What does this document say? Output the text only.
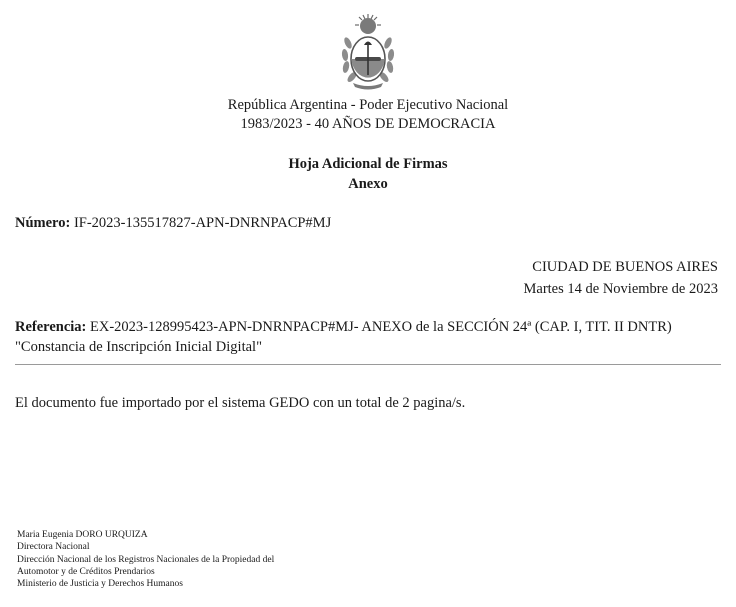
República Argentina - Poder Ejecutivo Nacional
1983/2023 - 40 AÑOS DE DEMOCRACIA
Hoja Adicional de Firmas
Anexo
Número: IF-2023-135517827-APN-DNRNPACP#MJ
CIUDAD DE BUENOS AIRES
Martes 14 de Noviembre de 2023
Referencia: EX-2023-128995423-APN-DNRNPACP#MJ- ANEXO de la SECCIÓN 24ª (CAP. I, TIT. II DNTR)
"Constancia de Inscripción Inicial Digital"
El documento fue importado por el sistema GEDO con un total de 2 pagina/s.
Maria Eugenia DORO URQUIZA
Directora Nacional
Dirección Nacional de los Registros Nacionales de la Propiedad del
Automotor y de Créditos Prendarios
Ministerio de Justicia y Derechos Humanos
